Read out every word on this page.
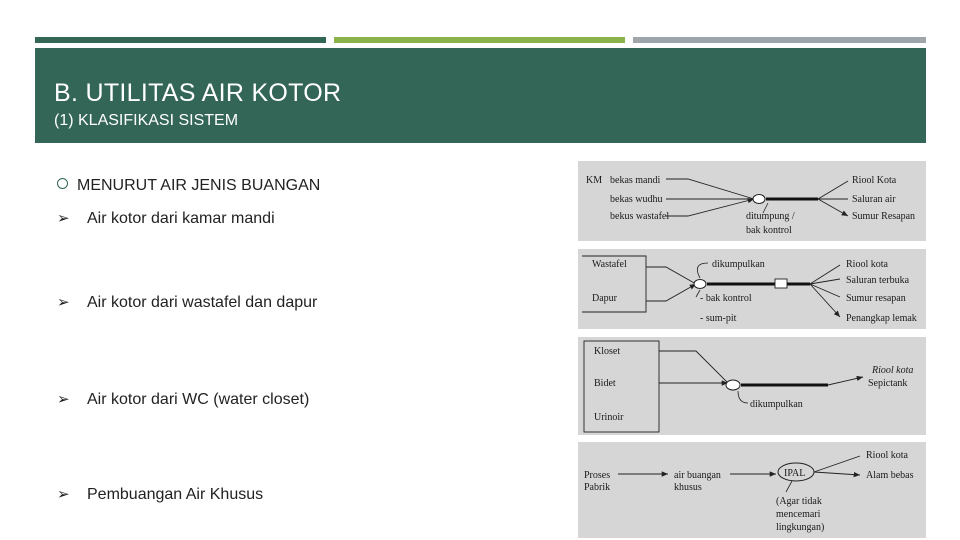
B. UTILITAS AIR KOTOR
(1) KLASIFIKASI SISTEM
MENURUT AIR JENIS BUANGAN
➢ Air kotor dari kamar mandi
➢ Air kotor dari wastafel dan dapur
➢ Air kotor dari WC (water closet)
➢ Pembuangan Air Khusus
KM bekas mandi
bekas wudhu
bekus wastafel
Riool Kota
Saluran air
Sumur Resapan
ditumpung /
bak kontrol
Wastafel
Dapur
Riool kota
Saluran terbuka
Sumur resapan
Penangkap lemak
dikumpulkan
- bak kontrol
- sum-pit
Kloset
Bidet
Urinoir
Riool kota
Sepictank
dikumpulkan
Proses
Pabrik
air buangan
khusus
IPAL
Riool kota
Alam bebas
(Agar tidak
mencemari
lingkungan)
